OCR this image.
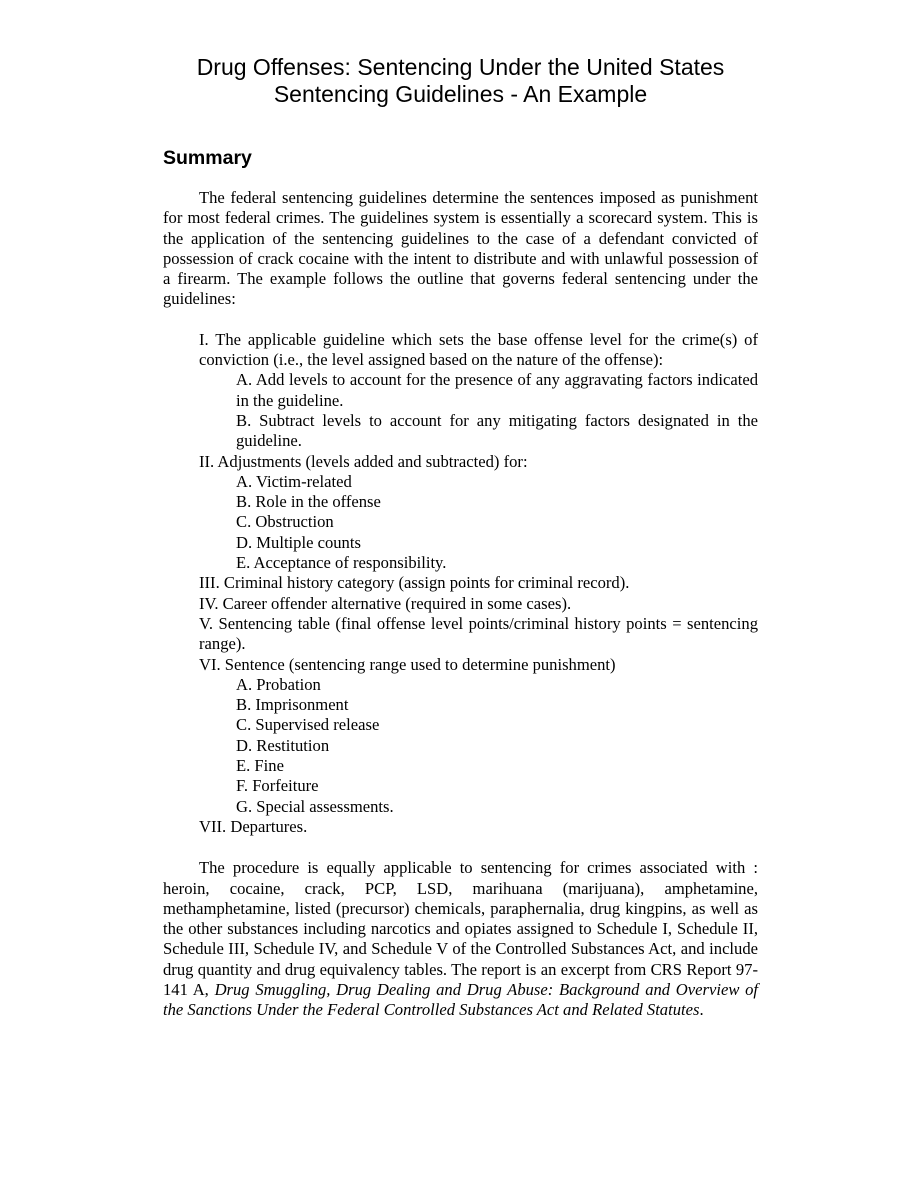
Drug Offenses: Sentencing Under the United States
Sentencing Guidelines - An Example
Summary

The federal sentencing guidelines determine the sentences imposed as punishment for most federal crimes. The guidelines system is essentially a scorecard system. This is the application of the sentencing guidelines to the case of a defendant convicted of possession of crack cocaine with the intent to distribute and with unlawful possession of a firearm. The example follows the outline that governs federal sentencing under the guidelines:

I. The applicable guideline which sets the base offense level for the crime(s) of conviction (i.e., the level assigned based on the nature of the offense):
A. Add levels to account for the presence of any aggravating factors indicated in the guideline.
B. Subtract levels to account for any mitigating factors designated in the guideline.
II. Adjustments (levels added and subtracted) for:
A. Victim-related
B. Role in the offense
C. Obstruction
D. Multiple counts
E. Acceptance of responsibility.
III. Criminal history category (assign points for criminal record).
IV. Career offender alternative (required in some cases).
V. Sentencing table (final offense level points/criminal history points = sentencing range).
VI. Sentence (sentencing range used to determine punishment)
A. Probation
B. Imprisonment
C. Supervised release
D. Restitution
E. Fine
F. Forfeiture
G. Special assessments.
VII. Departures.

The procedure is equally applicable to sentencing for crimes associated with : heroin, cocaine, crack, PCP, LSD, marihuana (marijuana), amphetamine, methamphetamine, listed (precursor) chemicals, paraphernalia, drug kingpins, as well as the other substances including narcotics and opiates assigned to Schedule I, Schedule II, Schedule III, Schedule IV, and Schedule V of the Controlled Substances Act, and include drug quantity and drug equivalency tables. The report is an excerpt from CRS Report 97-141 A, Drug Smuggling, Drug Dealing and Drug Abuse: Background and Overview of the Sanctions Under the Federal Controlled Substances Act and Related Statutes.
